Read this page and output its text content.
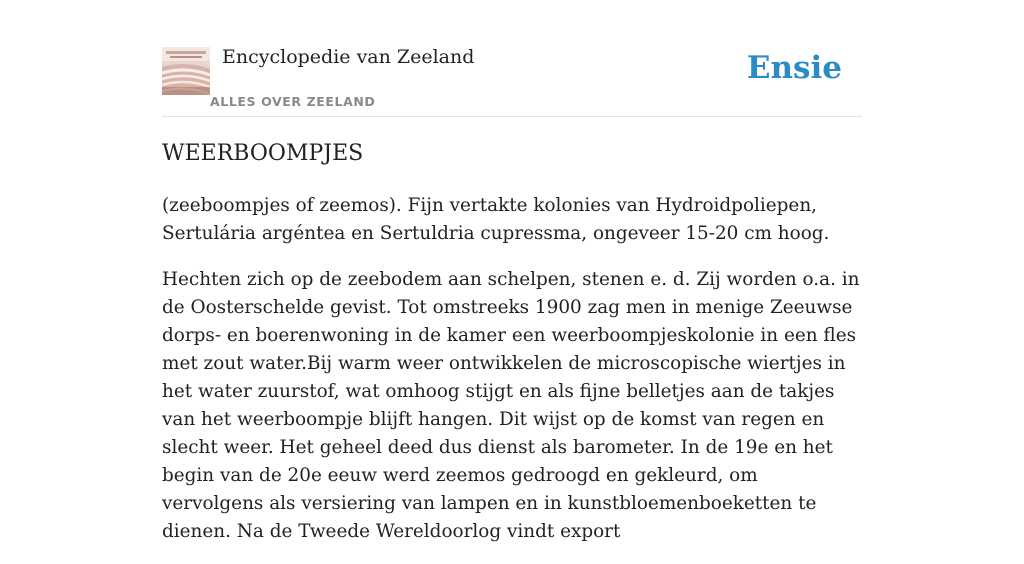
Encyclopedie van Zeeland
ALLES OVER ZEELAND
Ensie
WEERBOOMPJES

(zeeboompjes of zeemos). Fijn vertakte kolonies van Hydroidpoliepen, Sertulária argéntea en Sertuldria cupressma, ongeveer 15-20 cm hoog.

Hechten zich op de zeebodem aan schelpen, stenen e. d. Zij worden o.a. in de Oosterschelde gevist. Tot omstreeks 1900 zag men in menige Zeeuwse dorps- en boerenwoning in de kamer een weerboompjeskolonie in een fles met zout water.Bij warm weer ontwikkelen de microscopische wiertjes in het water zuurstof, wat omhoog stijgt en als fijne belletjes aan de takjes van het weerboompje blijft hangen. Dit wijst op de komst van regen en slecht weer. Het geheel deed dus dienst als barometer. In de 19e en het begin van de 20e eeuw werd zeemos gedroogd en gekleurd, om vervolgens als versiering van lampen en in kunstbloemenboeketten te dienen. Na de Tweede Wereldoorlog vindt export
